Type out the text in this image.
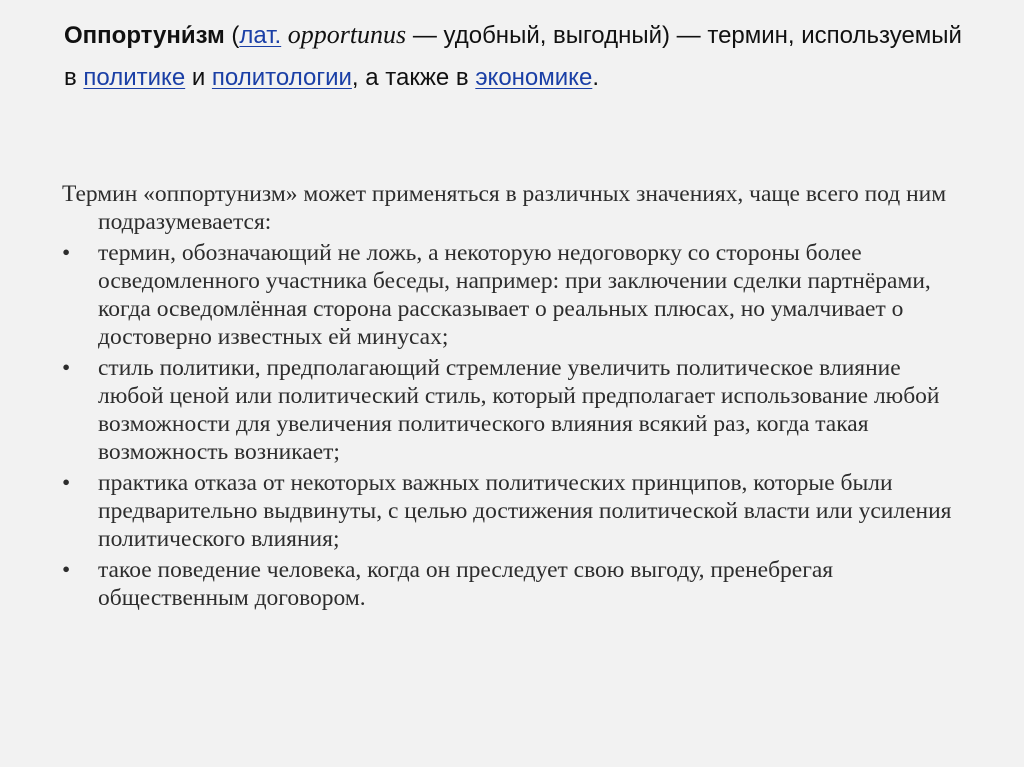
Оппортуни́зм (лат. opportunus — удобный, выгодный) — термин, используемый в политике и политологии, а также в экономике.

Термин «оппортунизм» может применяться в различных значениях, чаще всего под ним подразумевается:

•	термин, обозначающий не ложь, а некоторую недоговорку со стороны более осведомленного участника беседы, например: при заключении сделки партнёрами, когда осведомлённая сторона рассказывает о реальных плюсах, но умалчивает о достоверно известных ей минусах;
•	стиль политики, предполагающий стремление увеличить политическое влияние любой ценой или политический стиль, который предполагает использование любой возможности для увеличения политического влияния всякий раз, когда такая возможность возникает;
•	практика отказа от некоторых важных политических принципов, которые были предварительно выдвинуты, с целью достижения политической власти или усиления политического влияния;
•	такое поведение человека, когда он преследует свою выгоду, пренебрегая общественным договором.
